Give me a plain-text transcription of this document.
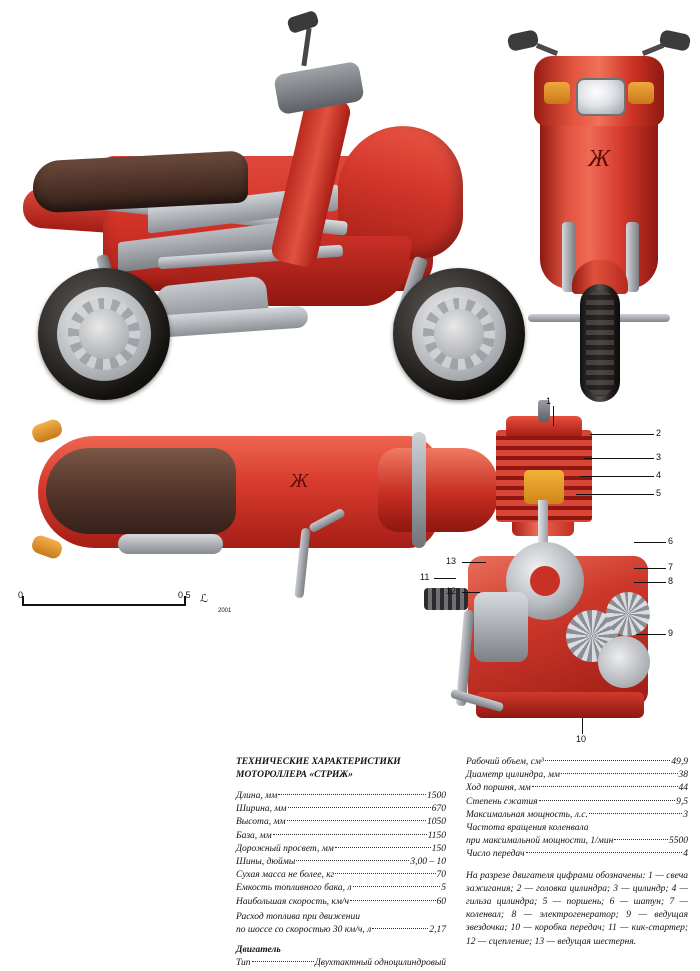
Ж
Ж
0	0,5 ℒ
2001
1
2
3
4
5
6
7
8
9
10
11
12
13
ТЕХНИЧЕСКИЕ ХАРАКТЕРИСТИКИ
МОТОРОЛЛЕРА «СТРИЖ»
Длина, мм	1500
Ширина, мм	670
Высота, мм	1050
База, мм	1150
Дорожный просвет, мм	150
Шины, дюймы	3,00 – 10
Сухая масса не более, кг	70
Емкость топливного бака, л	5
Наибольшая скорость, км/ч	60
Расход топлива при движении
по шоссе со скоростью 30 км/ч, л	2,17
Двигатель
Тип	Двухтактный одноцилиндровый
Рабочий объем, см³	49,9
Диаметр цилиндра, мм	38
Ход поршня, мм	44
Степень сжатия	9,5
Максимальная мощность, л.с.	3
Частота вращения коленвала
при максимальной мощности, 1/мин	5500
Число передач	4
На разрезе двигателя цифрами обозначены: 1 — свеча зажигания; 2 — головка цилиндра; 3 — цилиндр; 4 — гильза цилиндра; 5 — поршень; 6 — шатун; 7 — коленвал; 8 — электрогенератор; 9 — ведущая звездочка; 10 — коробка передач; 11 — кик-стартер; 12 — сцепление; 13 — ведущая шестерня.
